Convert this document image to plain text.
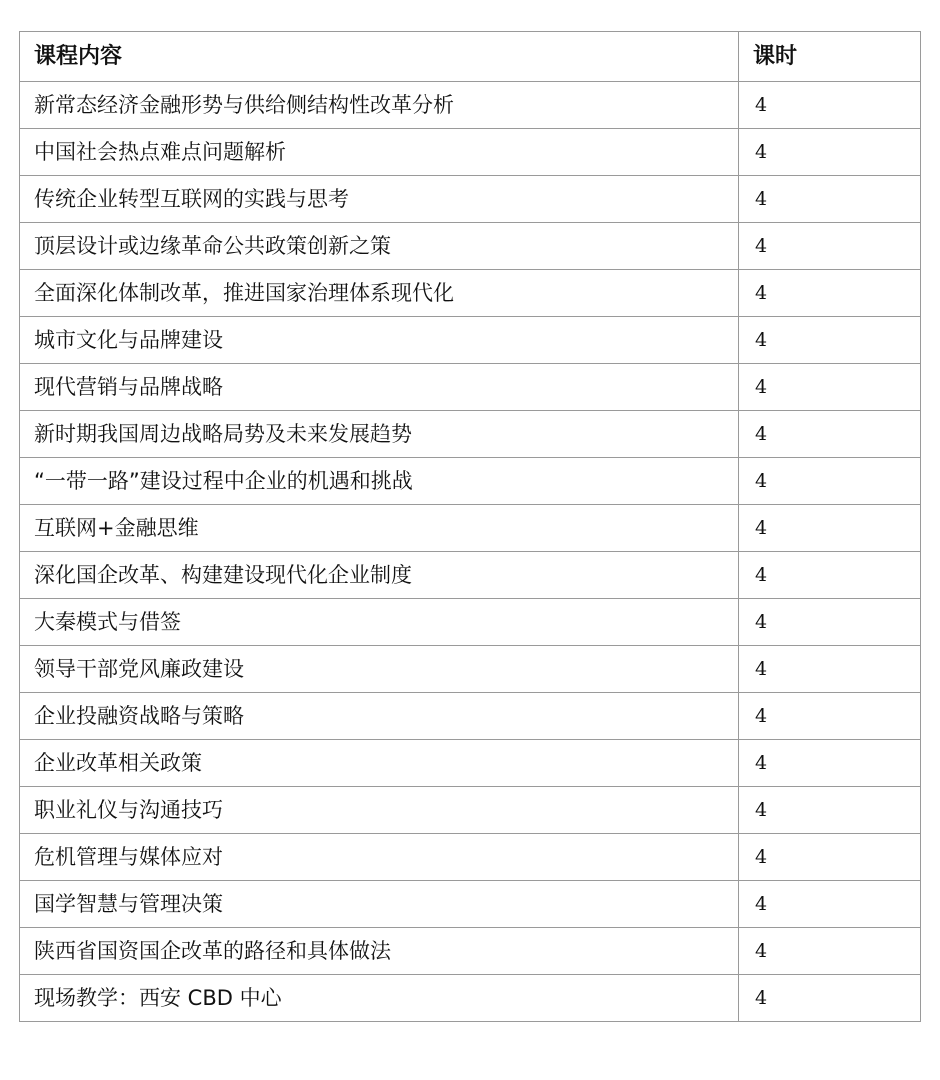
课程内容	课时
新常态经济金融形势与供给侧结构性改革分析	4
中国社会热点难点问题解析	4
传统企业转型互联网的实践与思考	4
顶层设计或边缘革命公共政策创新之策	4
全面深化体制改革，推进国家治理体系现代化	4
城市文化与品牌建设	4
现代营销与品牌战略	4
新时期我国周边战略局势及未来发展趋势	4
“一带一路”建设过程中企业的机遇和挑战	4
互联网+金融思维	4
深化国企改革、构建建设现代化企业制度	4
大秦模式与借签	4
领导干部党风廉政建设	4
企业投融资战略与策略	4
企业改革相关政策	4
职业礼仪与沟通技巧	4
危机管理与媒体应对	4
国学智慧与管理决策	4
陕西省国资国企改革的路径和具体做法	4
现场教学：西安 CBD 中心	4
